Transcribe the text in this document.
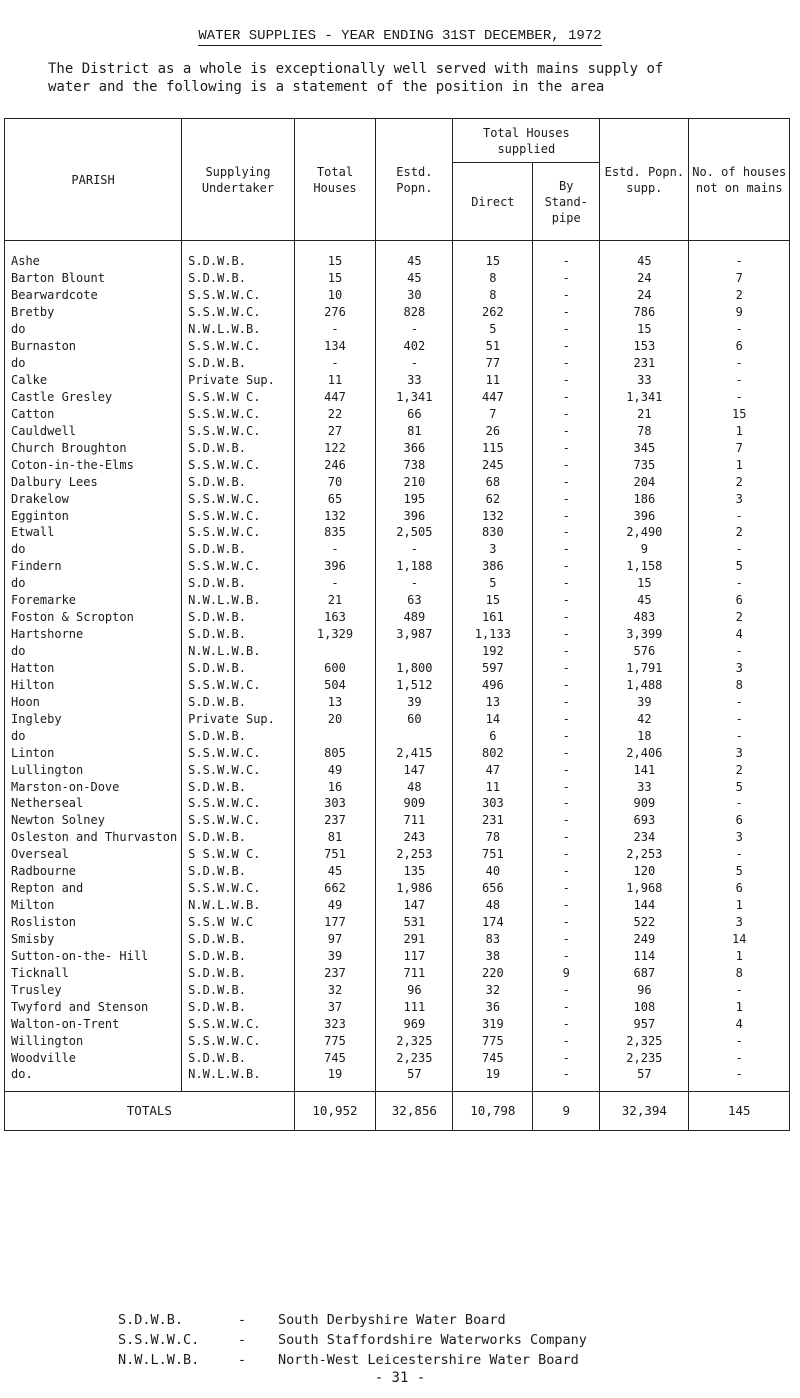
WATER SUPPLIES - YEAR ENDING 31ST DECEMBER, 1972

The District as a whole is exceptionally well served with mains supply of

water and the following is a statement of the position in the area

PARISH	Supplying Undertaker	Total Houses	Estd. Popn.	Total Houses supplied		Estd. Popn. supp.	No. of houses not on mains
				Direct	By Stand- pipe		
Ashe	S.D.W.B.	15	45	15	-	45	-
Barton Blount	S.D.W.B.	15	45	8	-	24	7
Bearwardcote	S.S.W.W.C.	10	30	8	-	24	2
Bretby	S.S.W.W.C.	276	828	262	-	786	9
do	N.W.L.W.B.	-	-	5	-	15	-
Burnaston	S.S.W.W.C.	134	402	51	-	153	6
do	S.D.W.B.	-	-	77	-	231	-
Calke	Private Sup.	11	33	11	-	33	-
Castle Gresley	S.S.W.W C.	447	1,341	447	-	1,341	-
Catton	S.S.W.W.C.	22	66	7	-	21	15
Cauldwell	S.S.W.W.C.	27	81	26	-	78	1
Church Broughton	S.D.W.B.	122	366	115	-	345	7
Coton-in-the-Elms	S.S.W.W.C.	246	738	245	-	735	1
Dalbury Lees	S.D.W.B.	70	210	68	-	204	2
Drakelow	S.S.W.W.C.	65	195	62	-	186	3
Egginton	S.S.W.W.C.	132	396	132	-	396	-
Etwall	S.S.W.W.C.	835	2,505	830	-	2,490	2
do	S.D.W.B.	-	-	3	-	9	-
Findern	S.S.W.W.C.	396	1,188	386	-	1,158	5
do	S.D.W.B.	-	-	5	-	15	-
Foremarke	N.W.L.W.B.	21	63	15	-	45	6
Foston & Scropton	S.D.W.B.	163	489	161	-	483	2
Hartshorne	S.D.W.B.	1,329	3,987	1,133	-	3,399	4
do	N.W.L.W.B.			192	-	576	-
Hatton	S.D.W.B.	600	1,800	597	-	1,791	3
Hilton	S.S.W.W.C.	504	1,512	496	-	1,488	8
Hoon	S.D.W.B.	13	39	13	-	39	-
Ingleby	Private Sup.	20	60	14	-	42	-
do	S.D.W.B.			6	-	18	-
Linton	S.S.W.W.C.	805	2,415	802	-	2,406	3
Lullington	S.S.W.W.C.	49	147	47	-	141	2
Marston-on-Dove	S.D.W.B.	16	48	11	-	33	5
Netherseal	S.S.W.W.C.	303	909	303	-	909	-
Newton Solney	S.S.W.W.C.	237	711	231	-	693	6
Osleston and Thurvaston	S.D.W.B.	81	243	78	-	234	3
Overseal	S S.W.W C.	751	2,253	751	-	2,253	-
Radbourne	S.D.W.B.	45	135	40	-	120	5
Repton and	S.S.W.W.C.	662	1,986	656	-	1,968	6
Milton	N.W.L.W.B.	49	147	48	-	144	1
Rosliston	S.S.W W.C	177	531	174	-	522	3
Smisby	S.D.W.B.	97	291	83	-	249	14
Sutton-on-the- Hill	S.D.W.B.	39	117	38	-	114	1
Ticknall	S.D.W.B.	237	711	220	9	687	8
Trusley	S.D.W.B.	32	96	32	-	96	-
Twyford and Stenson	S.D.W.B.	37	111	36	-	108	1
Walton-on-Trent	S.S.W.W.C.	323	969	319	-	957	4
Willington	S.S.W.W.C.	775	2,325	775	-	2,325	-
Woodville	S.D.W.B.	745	2,235	745	-	2,235	-
do.	N.W.L.W.B.	19	57	19	-	57	-
TOTALS		10,952	32,856	10,798	9	32,394	145
S.D.W.B.	-	South Derbyshire Water Board
S.S.W.W.C.	-	South Staffordshire Waterworks Company
N.W.L.W.B.	-	North-West Leicestershire Water Board
- 31 -
